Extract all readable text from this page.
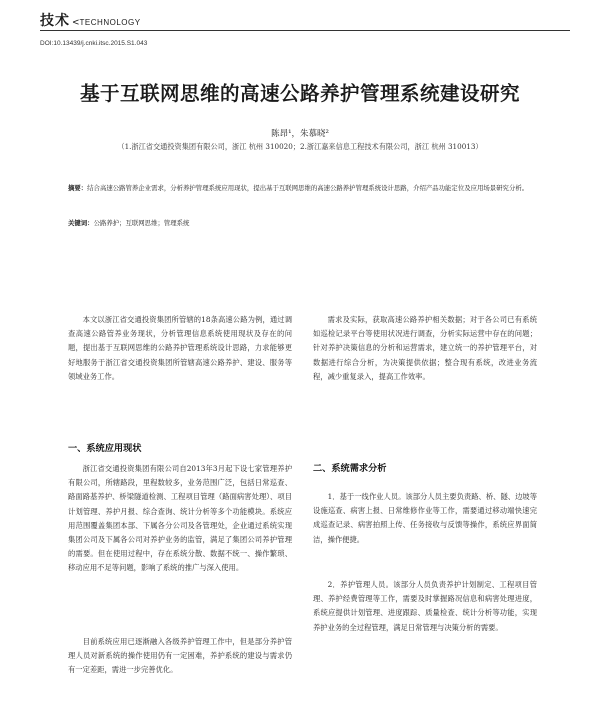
技术 <TECHNOLOGY
DOI:10.13439/j.cnki.itsc.2015.S1.043
基于互联网思维的高速公路养护管理系统建设研究
陈昂¹，朱慕晓²
（1.浙江省交通投资集团有限公司，浙江 杭州 310020；2.浙江嘉来信息工程技术有限公司，浙江 杭州 310013）
摘要：结合高速公路管养企业需求，分析养护管理系统应用现状，提出基于互联网思维的高速公路养护管理系统设计思路，介绍产品功能定位及应用场景研究分析。
关键词：公路养护；互联网思维；管理系统

本文以浙江省交通投资集团所管辖的18条高速公路为例，通过调查高速公路管养业务现状，分析管理信息系统使用现状及存在的问题，提出基于互联网思维的公路养护管理系统设计思路，力求能够更好地服务于浙江省交通投资集团所管辖高速公路养护、建设、服务等领域业务工作。

需求及实际，获取高速公路养护相关数据；对于各公司已有系统如巡检记录平台等使用状况进行调查，分析实际运营中存在的问题；针对养护决策信息的分析和运营需求，建立统一的养护管理平台，对数据进行综合分析，为决策提供依据；整合现有系统，改进业务流程，减少重复录入，提高工作效率。

一、系统应用现状
二、系统需求分析

浙江省交通投资集团有限公司自2013年3月起下设七家管理养护有限公司，所辖路段，里程数较多，业务范围广泛，包括日常巡查、路面路基养护、桥梁隧道检测、工程项目管理（路面病害处理）、项目计划管理、养护月报、综合查询、统计分析等多个功能模块。系统应用范围覆盖集团本部、下属各分公司及各管理处，企业通过系统实现集团公司及下属各公司对养护业务的监管，满足了集团公司养护管理的需要。但在使用过程中，存在系统分散、数据不统一、操作繁琐、移动应用不足等问题，影响了系统的推广与深入使用。

目前系统应用已逐渐融入各级养护管理工作中，但是部分养护管理人员对新系统的操作使用仍有一定困难，养护系统的建设与需求仍有一定差距，需进一步完善优化。

1．基于一线作业人员。该部分人员主要负责路、桥、隧、边坡等设施巡查、病害上报、日常维修作业等工作，需要通过移动端快速完成巡查记录、病害拍照上传、任务接收与反馈等操作，系统应界面简洁，操作便捷。

2．养护管理人员。该部分人员负责养护计划制定、工程项目管理、养护经费管理等工作，需要及时掌握路况信息和病害处理进度，系统应提供计划管理、进度跟踪、质量检查、统计分析等功能，实现养护业务的全过程管理，满足日常管理与决策分析的需要。
